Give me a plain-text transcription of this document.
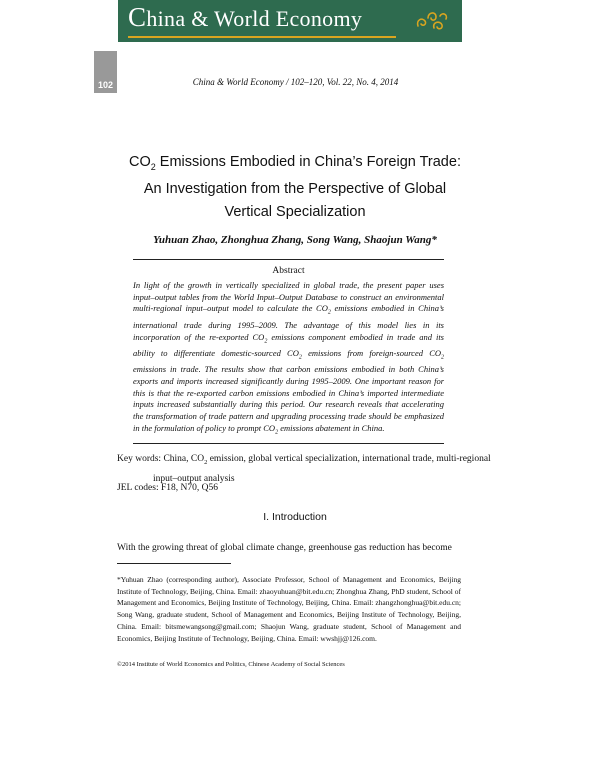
China & World Economy
102	China & World Economy / 102–120, Vol. 22, No. 4, 2014
$CO_2$ Emissions Embodied in China’s Foreign Trade:
An Investigation from the Perspective of Global
Vertical Specialization
Yuhuan Zhao, Zhonghua Zhang, Song Wang, Shaojun Wang*
Abstract

In light of the growth in vertically specialized in global trade, the present paper uses input–output tables from the World Input–Output Database to construct an environmental multi-regional input–output model to calculate the $CO_2$ emissions embodied in China’s international trade during 1995–2009. The advantage of this model lies in its incorporation of the re-exported $CO_2$ emissions component embodied in trade and its ability to differentiate domestic-sourced $CO_2$ emissions from foreign-sourced $CO_2$ emissions in trade. The results show that carbon emissions embodied in both China’s exports and imports increased significantly during 1995–2009. One important reason for this is that the re-exported carbon emissions embodied in China’s imported intermediate inputs increased substantially during this period. Our research reveals that accelerating the transformation of trade pattern and upgrading processing trade should be emphasized in the formulation of policy to prompt $CO_2$ emissions abatement in China.

Key words: China, $CO_2$ emission, global vertical specialization, international trade, multi-regional input–output analysis

JEL codes: F18, N70, Q56
I. Introduction
With the growing threat of global climate change, greenhouse gas reduction has become

*Yuhuan Zhao (corresponding author), Associate Professor, School of Management and Economics, Beijing Institute of Technology, Beijing, China. Email: zhaoyuhuan@bit.edu.cn; Zhonghua Zhang, PhD student, School of Management and Economics, Beijing Institute of Technology, Beijing, China. Email: zhangzhonghua@bit.edu.cn; Song Wang, graduate student, School of Management and Economics, Beijing Institute of Technology, Beijing, China. Email: bitsmewangsong@gmail.com; Shaojun Wang, graduate student, School of Management and Economics, Beijing Institute of Technology, Beijing, China. Email: wwshjj@126.com.

©2014 Institute of World Economics and Politics, Chinese Academy of Social Sciences
